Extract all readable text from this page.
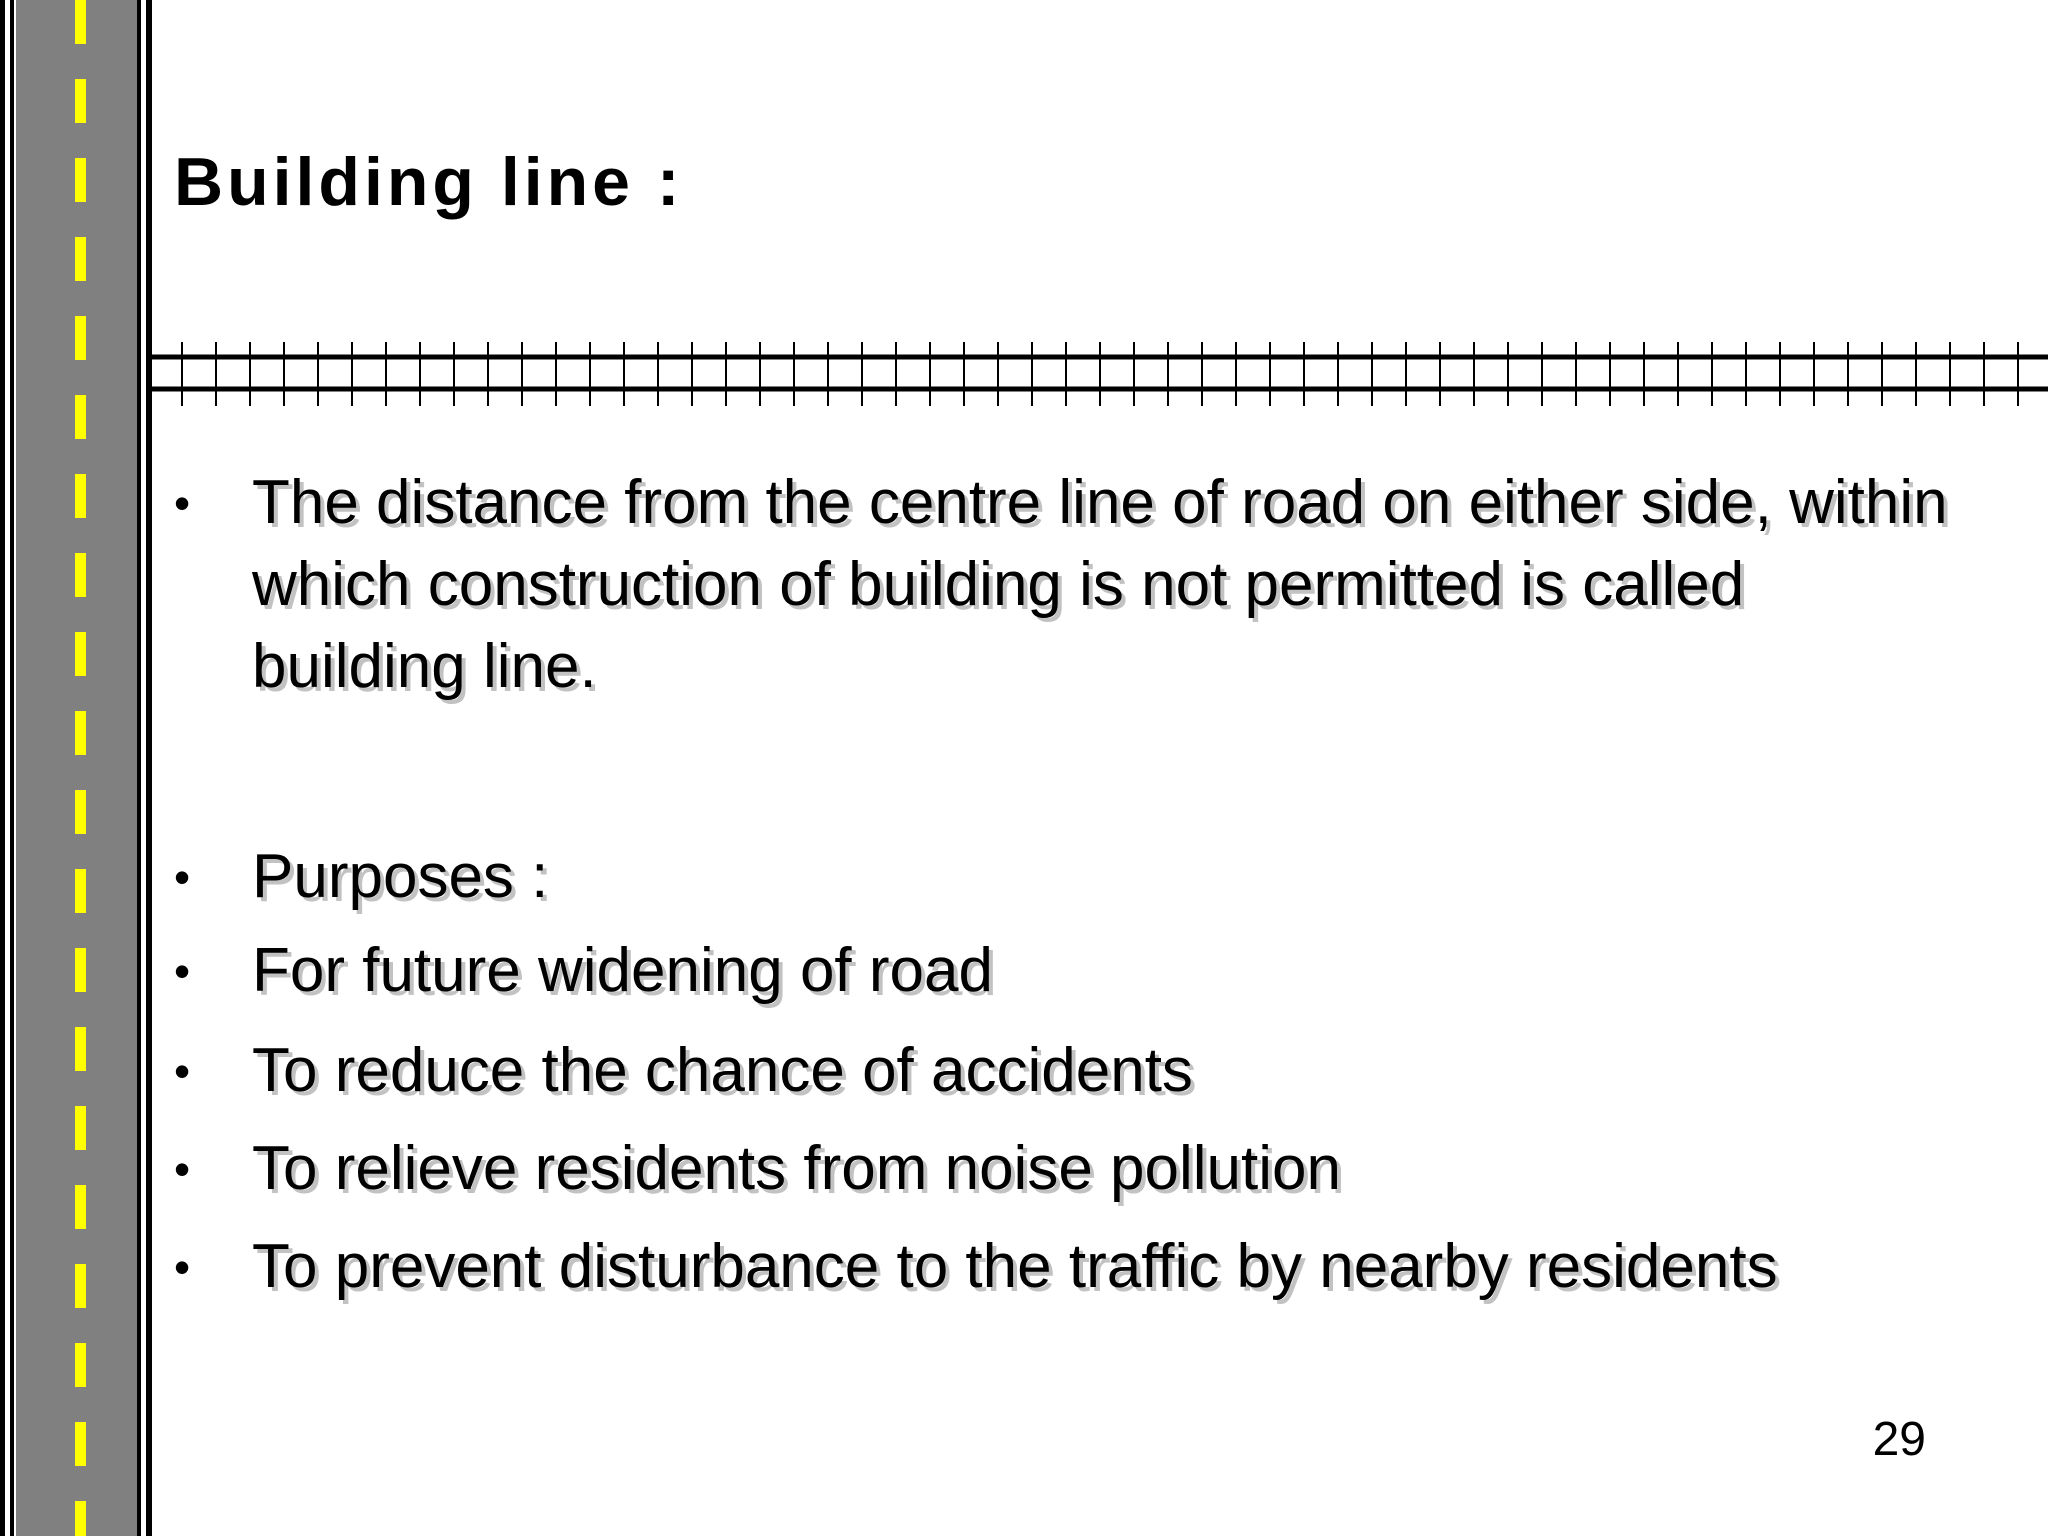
Building line :
• The distance from the centre line of road on either side, within which construction of building is not permitted is called building line.
• Purposes :
• For future widening of road
• To reduce the chance of accidents
• To relieve residents from noise pollution
• To prevent disturbance to the traffic by nearby residents
29
